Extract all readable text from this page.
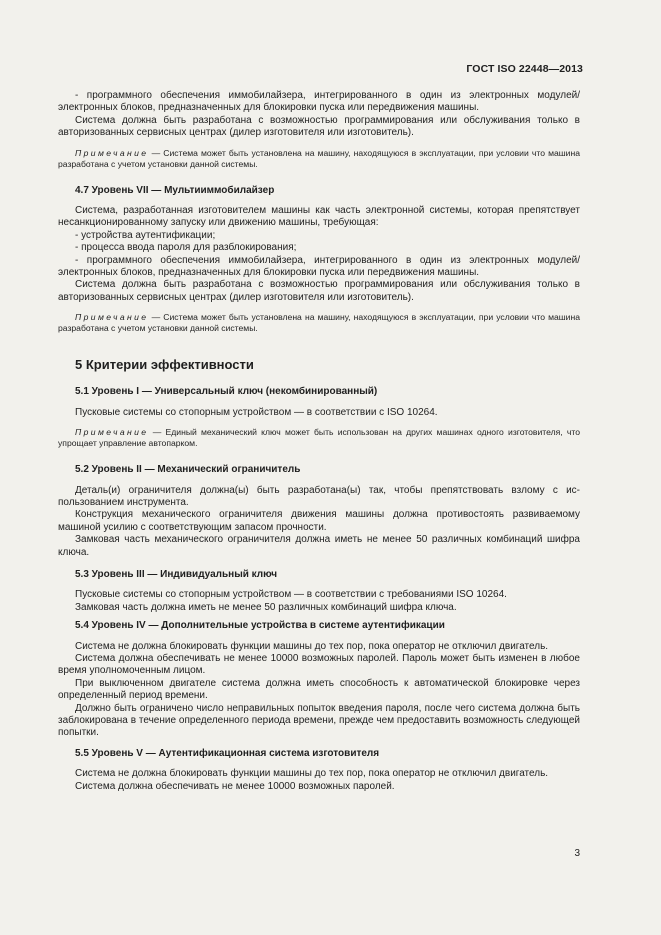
ГОСТ ISO 22448—2013

- программного обеспечения иммобилайзера, интегрированного в один из электронных модулей/ электронных блоков, предназначенных для блокировки пуска или передвижения машины.

Система должна быть разработана с возможностью программирования или обслуживания только в авторизованных сервисных центрах (дилер изготовителя или изготовитель).

Примечание — Система может быть установлена на машину, находящуюся в эксплуатации, при условии что машина разработана с учетом установки данной системы.

4.7 Уровень VII — Мультииммобилайзер

Система, разработанная изготовителем машины как часть электронной системы, которая препятствует несанкционированному запуску или движению машины, требующая:

- устройства аутентификации;

- процесса ввода пароля для разблокирования;

- программного обеспечения иммобилайзера, интегрированного в один из электронных модулей/ электронных блоков, предназначенных для блокировки пуска или передвижения машины.

Система должна быть разработана с возможностью программирования или обслуживания только в авторизованных сервисных центрах (дилер изготовителя или изготовитель).

Примечание — Система может быть установлена на машину, находящуюся в эксплуатации, при условии что машина разработана с учетом установки данной системы.

5 Критерии эффективности
5.1 Уровень I — Универсальный ключ (некомбинированный)

Пусковые системы со стопорным устройством — в соответствии с ISO 10264.

Примечание — Единый механический ключ может быть использован на других машинах одного изготовителя, что упрощает управление автопарком.

5.2 Уровень II — Механический ограничитель

Деталь(и) ограничителя должна(ы) быть разработана(ы) так, чтобы препятствовать взлому с использованием инструмента.

Конструкция механического ограничителя движения машины должна противостоять развиваемому машиной усилию с соответствующим запасом прочности.

Замковая часть механического ограничителя должна иметь не менее 50 различных комбинаций шифра ключа.

5.3 Уровень III — Индивидуальный ключ

Пусковые системы со стопорным устройством — в соответствии с требованиями ISO 10264.

Замковая часть должна иметь не менее 50 различных комбинаций шифра ключа.

5.4 Уровень IV — Дополнительные устройства в системе аутентификации

Система не должна блокировать функции машины до тех пор, пока оператор не отключил двигатель.

Система должна обеспечивать не менее 10000 возможных паролей. Пароль может быть изменен в любое время уполномоченным лицом.

При выключенном двигателе система должна иметь способность к автоматической блокировке через определенный период времени.

Должно быть ограничено число неправильных попыток введения пароля, после чего система должна быть заблокирована в течение определенного периода времени, прежде чем предоставить возможность следующей попытки.

5.5 Уровень V — Аутентификационная система изготовителя

Система не должна блокировать функции машины до тех пор, пока оператор не отключил двигатель.

Система должна обеспечивать не менее 10000 возможных паролей.

3
